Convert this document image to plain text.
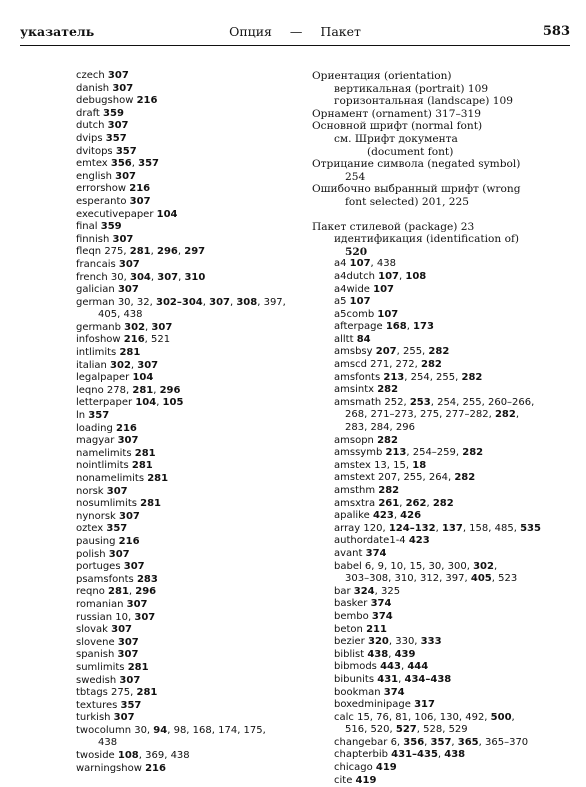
указатель	Опция — Пакет	583
czech 307
danish 307
debugshow 216
draft 359
dutch 307
dvips 357
dvitops 357
emtex 356, 357
english 307
errorshow 216
esperanto 307
executivepaper 104
final 359
finnish 307
fleqn 275, 281, 296, 297
francais 307
french 30, 304, 307, 310
galician 307
german 30, 32, 302–304, 307, 308, 397,
405, 438
germanb 302, 307
infoshow 216, 521
intlimits 281
italian 302, 307
legalpaper 104
leqno 278, 281, 296
letterpaper 104, 105
ln 357
loading 216
magyar 307
namelimits 281
nointlimits 281
nonamelimits 281
norsk 307
nosumlimits 281
nynorsk 307
oztex 357
pausing 216
polish 307
portuges 307
psamsfonts 283
reqno 281, 296
romanian 307
russian 10, 307
slovak 307
slovene 307
spanish 307
sumlimits 281
swedish 307
tbtags 275, 281
textures 357
turkish 307
twocolumn 30, 94, 98, 168, 174, 175,
438
twoside 108, 369, 438
warningshow 216
Ориентация (orientation)
вертикальная (portrait) 109
горизонтальная (landscape) 109
Орнамент (ornament) 317–319
Основной шрифт (normal font)
см. Шрифт документа
(document font)
Отрицание символа (negated symbol)
254
Ошибочно выбранный шрифт (wrong
font selected) 201, 225
Пакет стилевой (package) 23
идентификация (identification of)
520
a4 107, 438
a4dutch 107, 108
a4wide 107
a5 107
a5comb 107
afterpage 168, 173
alltt 84
amsbsy 207, 255, 282
amscd 271, 272, 282
amsfonts 213, 254, 255, 282
amsintx 282
amsmath 252, 253, 254, 255, 260–266,
268, 271–273, 275, 277–282, 282,
283, 284, 296
amsopn 282
amssymb 213, 254–259, 282
amstex 13, 15, 18
amstext 207, 255, 264, 282
amsthm 282
amsxtra 261, 262, 282
apalike 423, 426
array 120, 124–132, 137, 158, 485, 535
authordate1-4 423
avant 374
babel 6, 9, 10, 15, 30, 300, 302,
303–308, 310, 312, 397, 405, 523
bar 324, 325
basker 374
bembo 374
beton 211
bezier 320, 330, 333
biblist 438, 439
bibmods 443, 444
bibunits 431, 434–438
bookman 374
boxedminipage 317
calc 15, 76, 81, 106, 130, 492, 500,
516, 520, 527, 528, 529
changebar 6, 356, 357, 365, 365–370
chapterbib 431–435, 438
chicago 419
cite 419
